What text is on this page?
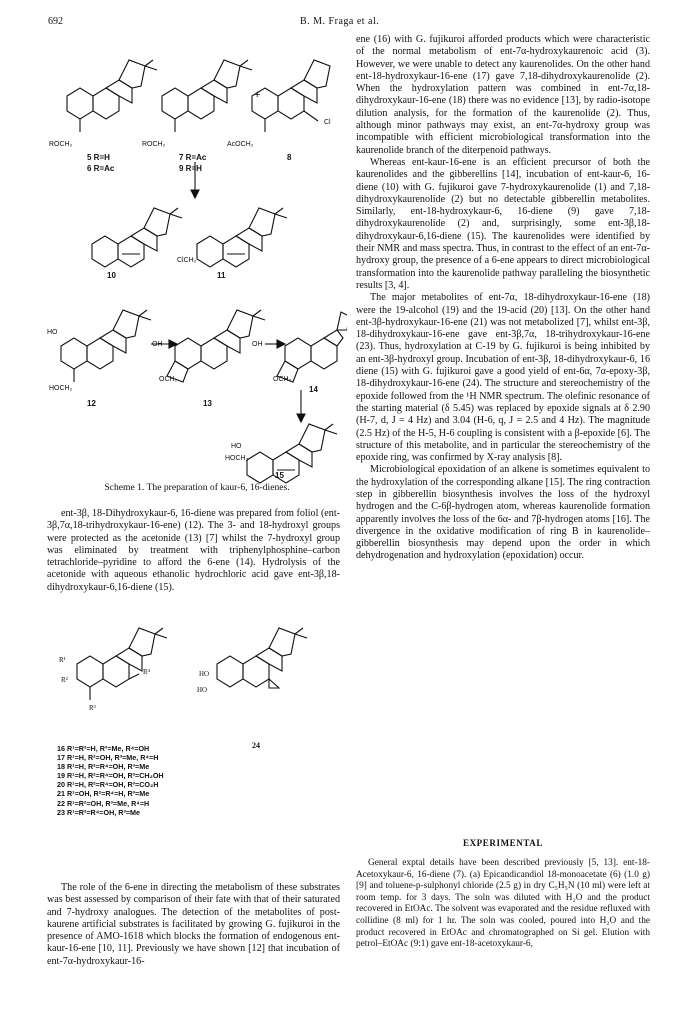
692	B. M. Fraga et al.
ROCH₂	ROCH₂	AcOCH₂
Cl
+
ClCH₂
HO
HOCH₂
OH	OH
OCH₂	OCH₂
HO
HOCH₂
5 R=H
6 R=Ac
7 R=Ac
9 R=H
8
10	11
12	13
14
15
Scheme 1. The preparation of kaur-6, 16-dienes.

ent-3β, 18-Dihydroxykaur-6, 16-diene was prepared from foliol (ent-3β,7α,18-trihydroxykaur-16-ene) (12). The 3- and 18-hydroxyl groups were protected as the acetonide (13) [7] whilst the 7-hydroxyl group was eliminated by treatment with triphenylphosphine–carbon tetrachloride–pyridine to afford the 6-ene (14). Hydrolysis of the acetonide with aqueous ethanolic hydrochloric acid gave ent-3β,18-dihydroxykaur-6,16-diene (15).

R¹
R²
R³
R⁴	HO
HO
24
16 R¹=R²=H, R³=Me, R⁴=OH
17 R¹=H, R²=OH, R³=Me, R⁴=H
18 R¹=H, R²=R⁴=OH, R³=Me
19 R¹=H, R²=R⁴=OH, R³=CH₂OH
20 R¹=H, R²=R⁴=OH, R³=CO₂H
21 R¹=OH, R²=R⁴=H, R³=Me
22 R¹=R²=OH, R³=Me, R⁴=H
23 R¹=R²=R⁴=OH, R³=Me

The role of the 6-ene in directing the metabolism of these substrates was best assessed by comparison of their fate with that of their saturated and 7-hydroxy analogues. The detection of the metabolites of post-kaurene artificial substrates is facilitated by growing G. fujikuroi in the presence of AMO-1618 which blocks the formation of endogenous ent-kaur-16-ene [10, 11]. Previously we have shown [12] that incubation of ent-7α-hydroxykaur-16-

ene (16) with G. fujikuroi afforded products which were characteristic of the normal metabolism of ent-7α-hydroxykaurenoic acid (3). However, we were unable to detect any kaurenolides. On the other hand ent-18-hydroxykaur-16-ene (17) gave 7,18-dihydroxykaurenolide (2). When the hydroxylation pattern was combined in ent-7α,18-dihydroxykaur-16-ene (18) there was no evidence [13], by radio-isotope dilution analysis, for the formation of the kaurenolide (2). Thus, although minor pathways may exist, an ent-7α-hydroxy group was incompatible with efficient microbiological transformation into the kaurenolide branch of the diterpenoid pathways.

Whereas ent-kaur-16-ene is an efficient precursor of both the kaurenolides and the gibberellins [14], incubation of ent-kaur-6, 16-diene (10) with G. fujikuroi gave 7-hydroxykaurenolide (1) and 7,18-dihydroxykaurenolide (2) but no detectable gibberellin metabolites. Similarly, ent-18-hydroxykaur-6, 16-diene (9) gave 7,18-dihydroxykaurenolide (2) and, surprisingly, some ent-3β,18-dihydroxykaur-6,16-diene (15). The kaurenolides were identified by their NMR and mass spectra. Thus, in contrast to the effect of an ent-7α-hydroxy group, the presence of a 6-ene appears to direct microbiological transformation into the kaurenolide pathway paralleling the biosynthetic results [3, 4].

The major metabolites of ent-7α, 18-dihydroxykaur-16-ene (18) were the 19-alcohol (19) and the 19-acid (20) [13]. On the other hand ent-3β-hydroxykaur-16-ene (21) was not metabolized [7], whilst ent-3β, 18-dihydroxykaur-16-ene gave ent-3β,7α, 18-trihydroxykaur-16-ene (23). Thus, hydroxylation at C-19 by G. fujikuroi is being inhibited by an ent-3β-hydroxyl group. Incubation of ent-3β, 18-dihydroxykaur-6, 16 diene (15) with G. fujikuroi gave a good yield of ent-6α, 7α-epoxy-3β, 18-dihydroxykaur-16-ene (24). The structure and stereochemistry of the epoxide followed from the ¹H NMR spectrum. The olefinic resonance of the starting material (δ 5.45) was replaced by epoxide signals at δ 2.90 (H-7, d, J = 4 Hz) and 3.04 (H-6, q, J = 2.5 and 4 Hz). The magnitude (2.5 Hz) of the H-5, H-6 coupling is consistent with a β-epoxide [6]. The structure of this metabolite, and in particular the stereochemistry of the epoxide ring, was confirmed by X-ray analysis [8].

Microbiological epoxidation of an alkene is sometimes equivalent to the hydroxylation of the corresponding alkane [15]. The ring contraction step in gibberellin biosynthesis involves the loss of the hydroxyl hydrogen and the C-6β-hydrogen atom, whereas kaurenolide formation apparently involves the loss of the 6α- and 7β-hydrogen atoms [16]. The divergence in the oxidative modification of ring B in kaurenolide–gibberellin biosynthesis may depend upon the order in which dehydrogenation and hydroxylation (epoxidation) occur.

EXPERIMENTAL

General exptal details have been described previously [5, 13]. ent-18-Acetoxykaur-6, 16-diene (7). (a) Epicandicandiol 18-monoacetate (6) (1.0 g) [9] and toluene-p-sulphonyl chloride (2.5 g) in dry C₅H₅N (10 ml) were left at room temp. for 3 days. The soln was diluted with H₂O and the product recovered in EtOAc. The solvent was evaporated and the residue refluxed with collidine (8 ml) for 1 hr. The soln was cooled, poured into H₂O and the product recovered in EtOAc and chromatographed on Si gel. Elution with petrol–EtOAc (9:1) gave ent-18-acetoxykaur-6,
